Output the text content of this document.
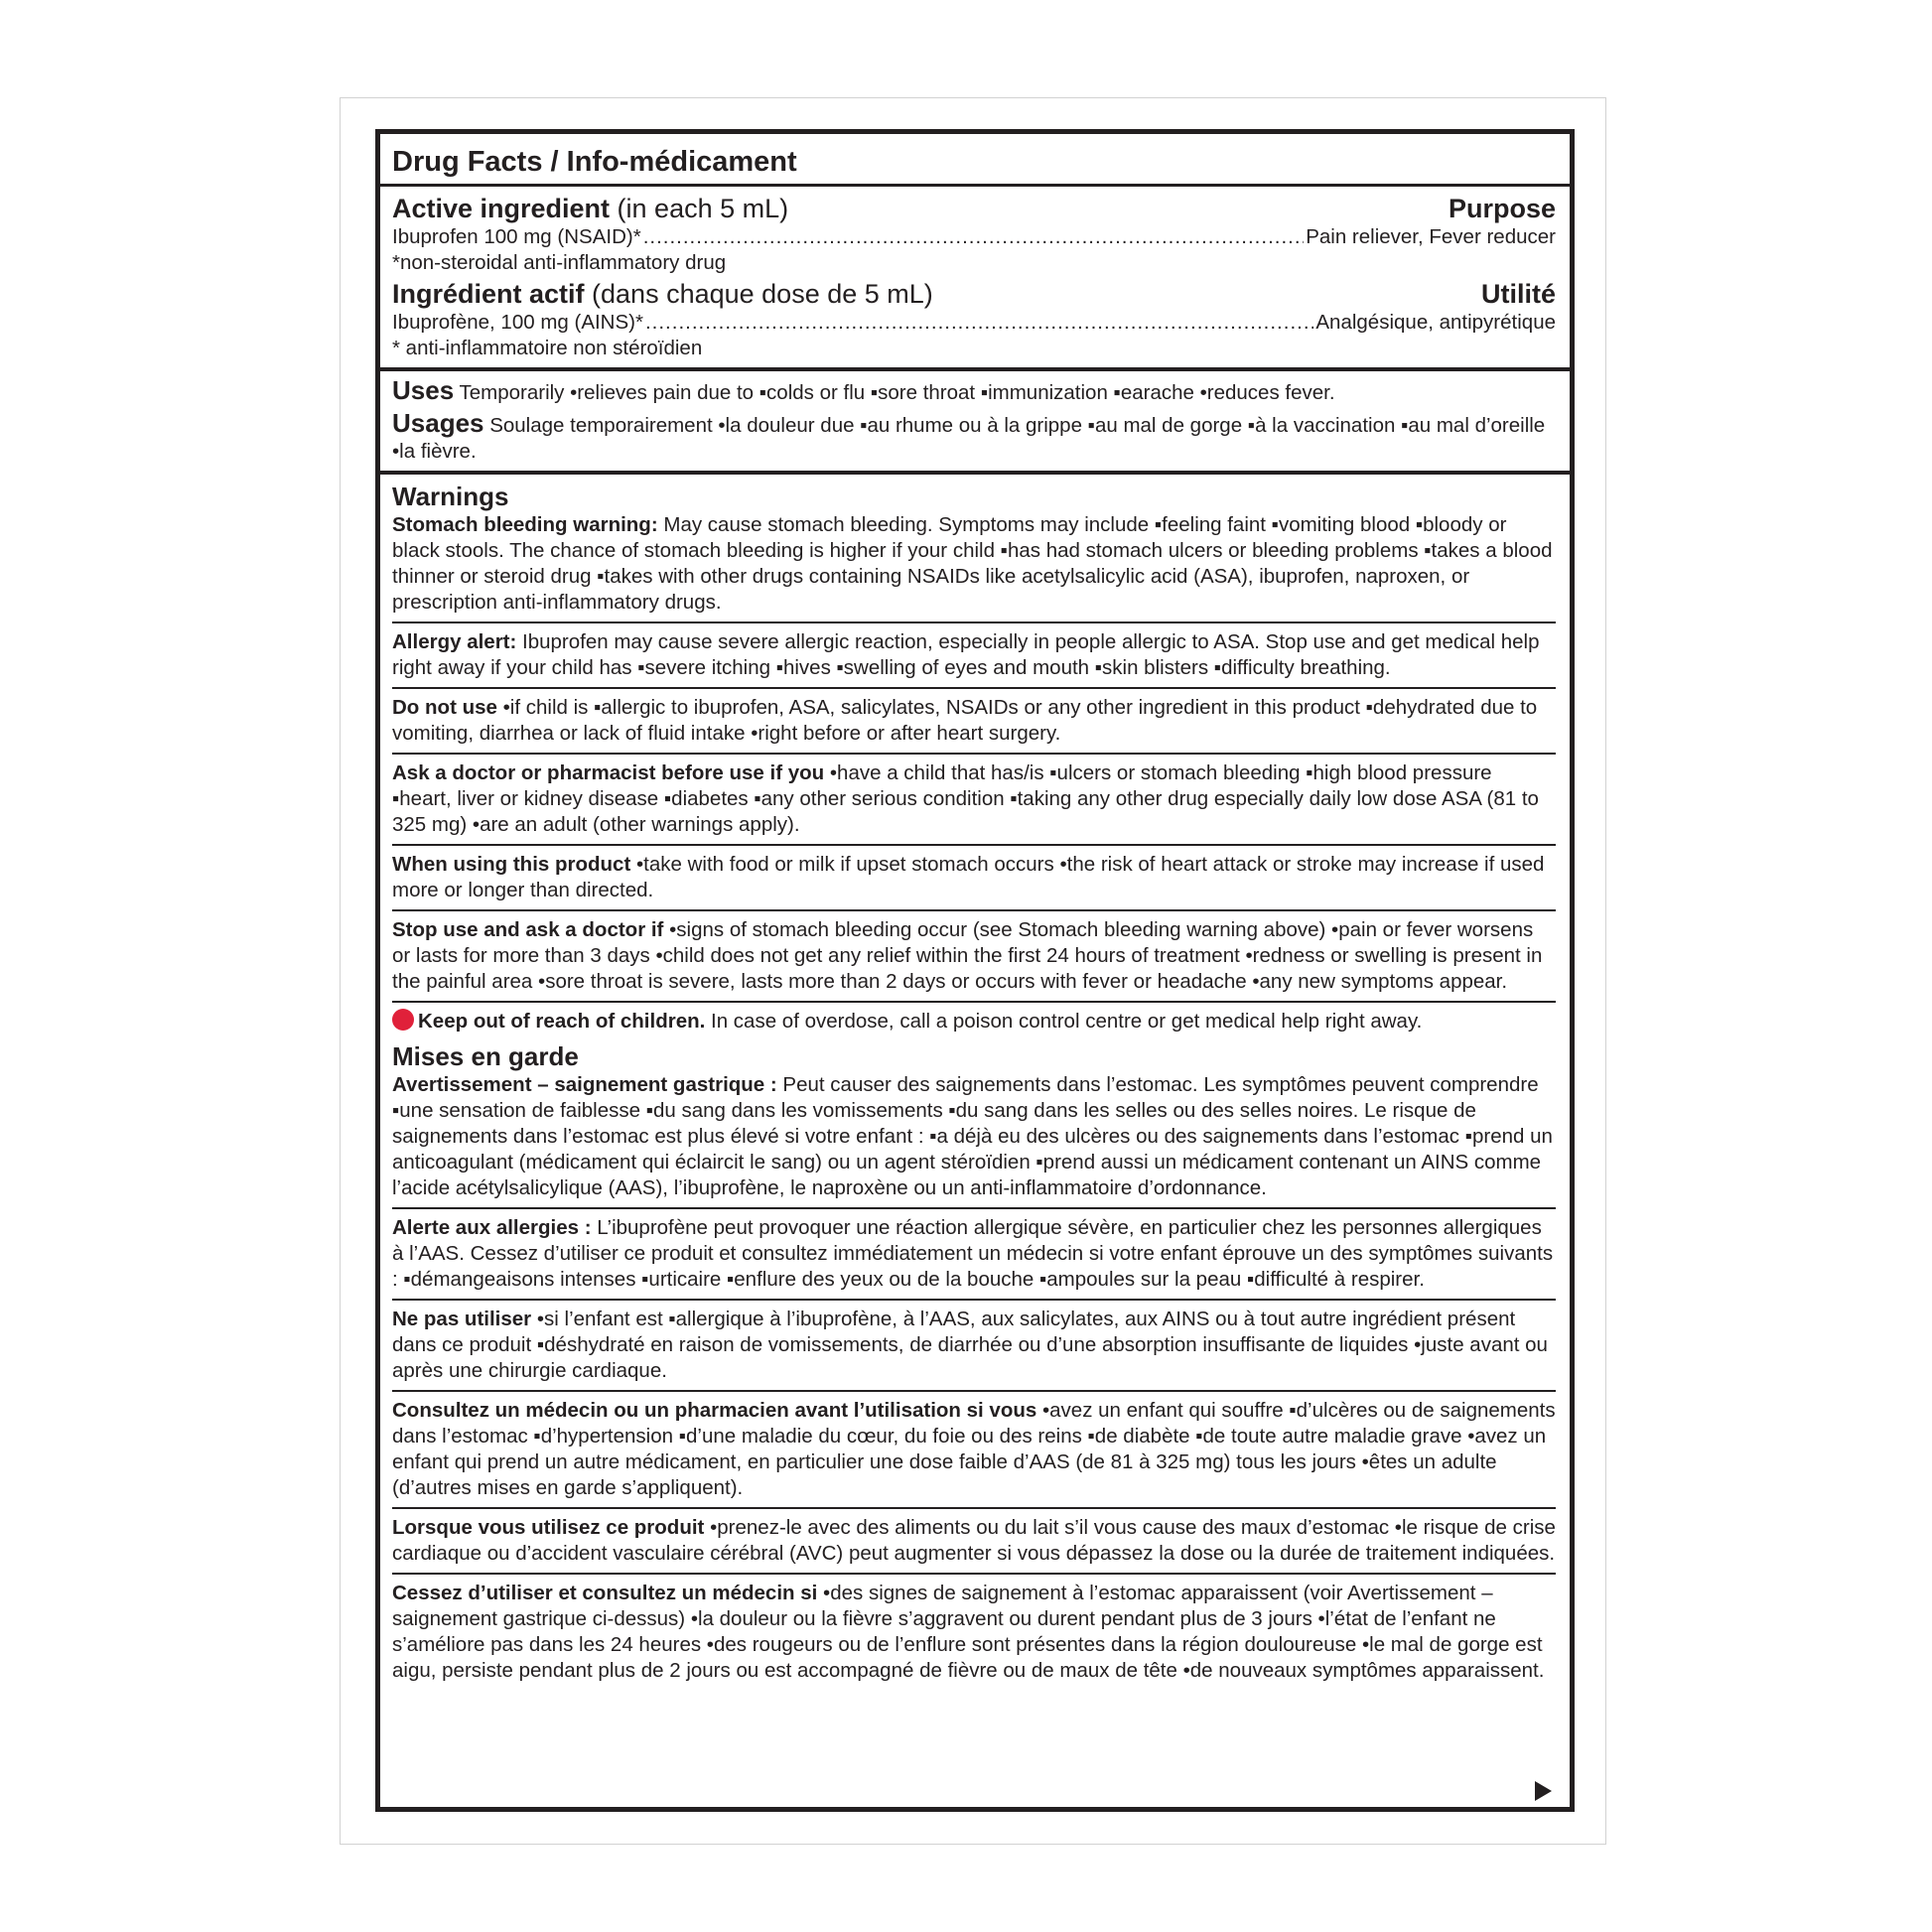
Drug Facts / Info-médicament
Active ingredient (in each 5 mL)	Purpose
Ibuprofen 100 mg (NSAID)* .....	Pain reliever, Fever reducer
*non-steroidal anti-inflammatory drug
Ingrédient actif (dans chaque dose de 5 mL)	Utilité
Ibuprofène, 100 mg (AINS)* .....	Analgésique, antipyrétique
* anti-inflammatoire non stéroïdien

Uses Temporarily •relieves pain due to ▪colds or flu ▪sore throat ▪immunization ▪earache •reduces fever.

Usages Soulage temporairement •la douleur due ▪au rhume ou à la grippe ▪au mal de gorge ▪à la vaccination ▪au mal d’oreille •la fièvre.

Warnings
Stomach bleeding warning: May cause stomach bleeding. Symptoms may include ▪feeling faint ▪vomiting blood ▪bloody or black stools. The chance of stomach bleeding is higher if your child ▪has had stomach ulcers or bleeding problems ▪takes a blood thinner or steroid drug ▪takes with other drugs containing NSAIDs like acetylsalicylic acid (ASA), ibuprofen, naproxen, or prescription anti-inflammatory drugs.
Allergy alert: Ibuprofen may cause severe allergic reaction, especially in people allergic to ASA. Stop use and get medical help right away if your child has ▪severe itching ▪hives ▪swelling of eyes and mouth ▪skin blisters ▪difficulty breathing.
Do not use •if child is ▪allergic to ibuprofen, ASA, salicylates, NSAIDs or any other ingredient in this product ▪dehydrated due to vomiting, diarrhea or lack of fluid intake •right before or after heart surgery.
Ask a doctor or pharmacist before use if you •have a child that has/is ▪ulcers or stomach bleeding ▪high blood pressure ▪heart, liver or kidney disease ▪diabetes ▪any other serious condition ▪taking any other drug especially daily low dose ASA (81 to 325 mg) •are an adult (other warnings apply).
When using this product •take with food or milk if upset stomach occurs •the risk of heart attack or stroke may increase if used more or longer than directed.
Stop use and ask a doctor if •signs of stomach bleeding occur (see Stomach bleeding warning above) •pain or fever worsens or lasts for more than 3 days •child does not get any relief within the first 24 hours of treatment •redness or swelling is present in the painful area •sore throat is severe, lasts more than 2 days or occurs with fever or headache •any new symptoms appear.
Keep out of reach of children. In case of overdose, call a poison control centre or get medical help right away.
Mises en garde
Avertissement – saignement gastrique : Peut causer des saignements dans l’estomac. Les symptômes peuvent comprendre ▪une sensation de faiblesse ▪du sang dans les vomissements ▪du sang dans les selles ou des selles noires. Le risque de saignements dans l’estomac est plus élevé si votre enfant : ▪a déjà eu des ulcères ou des saignements dans l’estomac ▪prend un anticoagulant (médicament qui éclaircit le sang) ou un agent stéroïdien ▪prend aussi un médicament contenant un AINS comme l’acide acétylsalicylique (AAS), l’ibuprofène, le naproxène ou un anti-inflammatoire d’ordonnance.
Alerte aux allergies : L’ibuprofène peut provoquer une réaction allergique sévère, en particulier chez les personnes allergiques à l’AAS. Cessez d’utiliser ce produit et consultez immédiatement un médecin si votre enfant éprouve un des symptômes suivants : ▪démangeaisons intenses ▪urticaire ▪enflure des yeux ou de la bouche ▪ampoules sur la peau ▪difficulté à respirer.
Ne pas utiliser •si l’enfant est ▪allergique à l’ibuprofène, à l’AAS, aux salicylates, aux AINS ou à tout autre ingrédient présent dans ce produit ▪déshydraté en raison de vomissements, de diarrhée ou d’une absorption insuffisante de liquides •juste avant ou après une chirurgie cardiaque.
Consultez un médecin ou un pharmacien avant l’utilisation si vous •avez un enfant qui souffre ▪d’ulcères ou de saignements dans l’estomac ▪d’hypertension ▪d’une maladie du cœur, du foie ou des reins ▪de diabète ▪de toute autre maladie grave •avez un enfant qui prend un autre médicament, en particulier une dose faible d’AAS (de 81 à 325 mg) tous les jours •êtes un adulte (d’autres mises en garde s’appliquent).
Lorsque vous utilisez ce produit •prenez-le avec des aliments ou du lait s’il vous cause des maux d’estomac •le risque de crise cardiaque ou d’accident vasculaire cérébral (AVC) peut augmenter si vous dépassez la dose ou la durée de traitement indiquées.
Cessez d’utiliser et consultez un médecin si •des signes de saignement à l’estomac apparaissent (voir Avertissement – saignement gastrique ci-dessus) •la douleur ou la fièvre s’aggravent ou durent pendant plus de 3 jours •l’état de l’enfant ne s’améliore pas dans les 24 heures •des rougeurs ou de l’enflure sont présentes dans la région douloureuse •le mal de gorge est aigu, persiste pendant plus de 2 jours ou est accompagné de fièvre ou de maux de tête •de nouveaux symptômes apparaissent.
